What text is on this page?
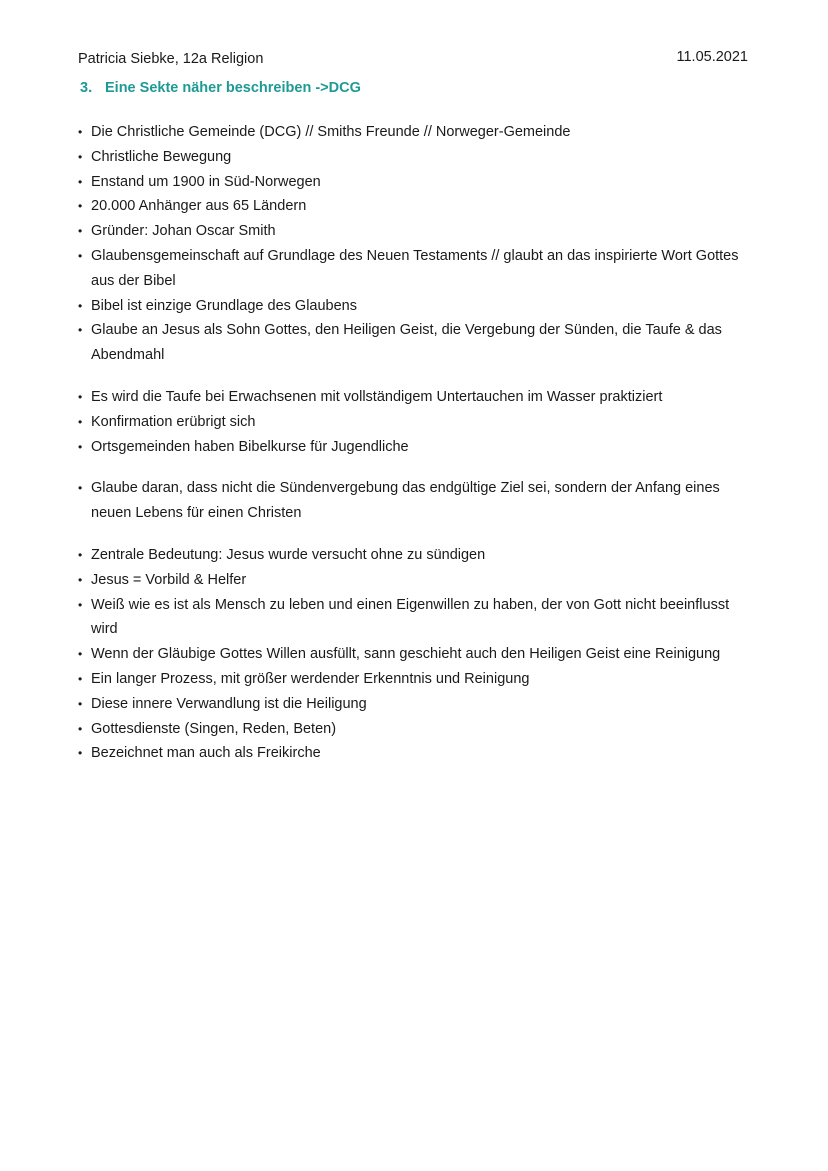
Patricia Siebke, 12a Religion	11.05.2021
3. Eine Sekte näher beschreiben ->DCG
• Die Christliche Gemeinde (DCG) // Smiths Freunde // Norweger-Gemeinde
• Christliche Bewegung
• Enstand um 1900 in Süd-Norwegen
• 20.000 Anhänger aus 65 Ländern
• Gründer: Johan Oscar Smith
• Glaubensgemeinschaft auf Grundlage des Neuen Testaments // glaubt an das inspirierte Wort Gottes aus der Bibel
• Bibel ist einzige Grundlage des Glaubens
• Glaube an Jesus als Sohn Gottes, den Heiligen Geist, die Vergebung der Sünden, die Taufe & das Abendmahl
• Es wird die Taufe bei Erwachsenen mit vollständigem Untertauchen im Wasser praktiziert
• Konfirmation erübrigt sich
• Ortsgemeinden haben Bibelkurse für Jugendliche
• Glaube daran, dass nicht die Sündenvergebung das endgültige Ziel sei, sondern der Anfang eines neuen Lebens für einen Christen
• Zentrale Bedeutung: Jesus wurde versucht ohne zu sündigen
• Jesus = Vorbild & Helfer
• Weiß wie es ist als Mensch zu leben und einen Eigenwillen zu haben, der von Gott nicht beeinflusst wird
• Wenn der Gläubige Gottes Willen ausfüllt, sann geschieht auch den Heiligen Geist eine Reinigung
• Ein langer Prozess, mit größer werdender Erkenntnis und Reinigung
• Diese innere Verwandlung ist die Heiligung
• Gottesdienste (Singen, Reden, Beten)
• Bezeichnet man auch als Freikirche
